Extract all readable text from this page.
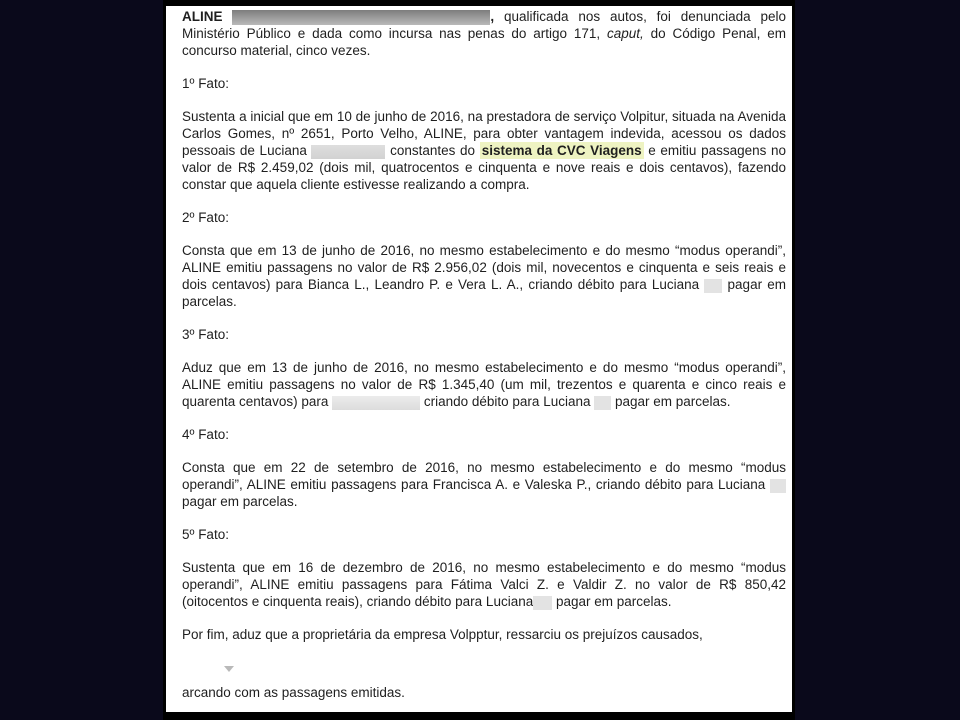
ALINE	, qualificada nos autos, foi denunciada pelo Ministério Público e dada como incursa nas penas do artigo 171, caput, do Código Penal, em concurso material, cinco vezes.

1º Fato:

Sustenta a inicial que em 10 de junho de 2016, na prestadora de serviço Volpitur, situada na Avenida Carlos Gomes, nº 2651, Porto Velho, ALINE, para obter vantagem indevida, acessou os dados pessoais de Luciana	constantes do sistema da CVC Viagens e emitiu passagens no valor de R$ 2.459,02 (dois mil, quatrocentos e cinquenta e nove reais e dois centavos), fazendo constar que aquela cliente estivesse realizando a compra.

2º Fato:

Consta que em 13 de junho de 2016, no mesmo estabelecimento e do mesmo “modus operandi”, ALINE emitiu passagens no valor de R$ 2.956,02 (dois mil, novecentos e cinquenta e seis reais e dois centavos) para Bianca L., Leandro P. e Vera L. A., criando débito para Luciana  pagar em parcelas.

3º Fato:

Aduz que em 13 de junho de 2016, no mesmo estabelecimento e do mesmo “modus operandi”, ALINE emitiu passagens no valor de R$ 1.345,40 (um mil, trezentos e quarenta e cinco reais e quarenta centavos) para	criando débito para Luciana  pagar em parcelas.

4º Fato:

Consta que em 22 de setembro de 2016, no mesmo estabelecimento e do mesmo “modus operandi”, ALINE emitiu passagens para Francisca A. e Valeska P., criando débito para Luciana  pagar em parcelas.

5º Fato:

Sustenta que em 16 de dezembro de 2016, no mesmo estabelecimento e do mesmo “modus operandi”, ALINE emitiu passagens para Fátima Valci Z. e Valdir Z. no valor de R$ 850,42 (oitocentos e cinquenta reais), criando débito para Luciana pagar em parcelas.

Por fim, aduz que a proprietária da empresa Volpptur, ressarciu os prejuízos causados,

arcando com as passagens emitidas.
